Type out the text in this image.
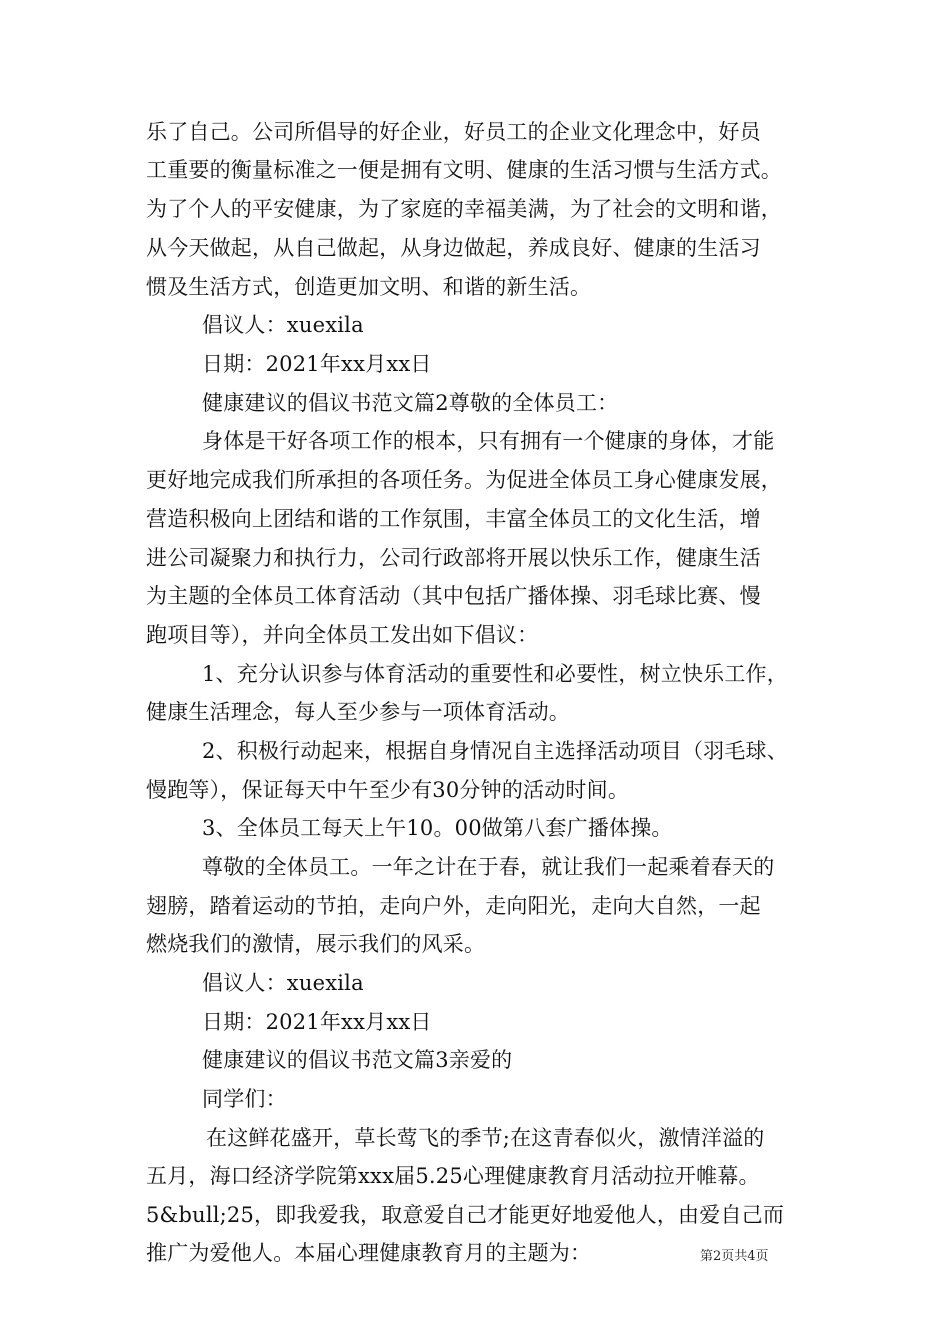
乐了自己。公司所倡导的好企业，好员工的企业文化理念中，好员
工重要的衡量标准之一便是拥有文明、健康的生活习惯与生活方式。
为了个人的平安健康，为了家庭的幸福美满，为了社会的文明和谐，
从今天做起，从自己做起，从身边做起，养成良好、健康的生活习
惯及生活方式，创造更加文明、和谐的新生活。
倡议人：xuexila
日期：2021年xx月xx日
健康建议的倡议书范文篇2尊敬的全体员工：
身体是干好各项工作的根本，只有拥有一个健康的身体，才能
更好地完成我们所承担的各项任务。为促进全体员工身心健康发展，
营造积极向上团结和谐的工作氛围，丰富全体员工的文化生活，增
进公司凝聚力和执行力，公司行政部将开展以快乐工作，健康生活
为主题的全体员工体育活动（其中包括广播体操、羽毛球比赛、慢
跑项目等），并向全体员工发出如下倡议：
1、充分认识参与体育活动的重要性和必要性，树立快乐工作，
健康生活理念，每人至少参与一项体育活动。
2、积极行动起来，根据自身情况自主选择活动项目（羽毛球、
慢跑等），保证每天中午至少有30分钟的活动时间。
3、全体员工每天上午10。00做第八套广播体操。
尊敬的全体员工。一年之计在于春，就让我们一起乘着春天的
翅膀，踏着运动的节拍，走向户外，走向阳光，走向大自然，一起
燃烧我们的激情，展示我们的风采。
倡议人：xuexila
日期：2021年xx月xx日
健康建议的倡议书范文篇3亲爱的
同学们：
在这鲜花盛开，草长莺飞的季节;在这青春似火，激情洋溢的
五月，海口经济学院第xxx届5.25心理健康教育月活动拉开帷幕。
5&bull;25，即我爱我，取意爱自己才能更好地爱他人，由爱自己而
推广为爱他人。本届心理健康教育月的主题为：	第2页共4页
